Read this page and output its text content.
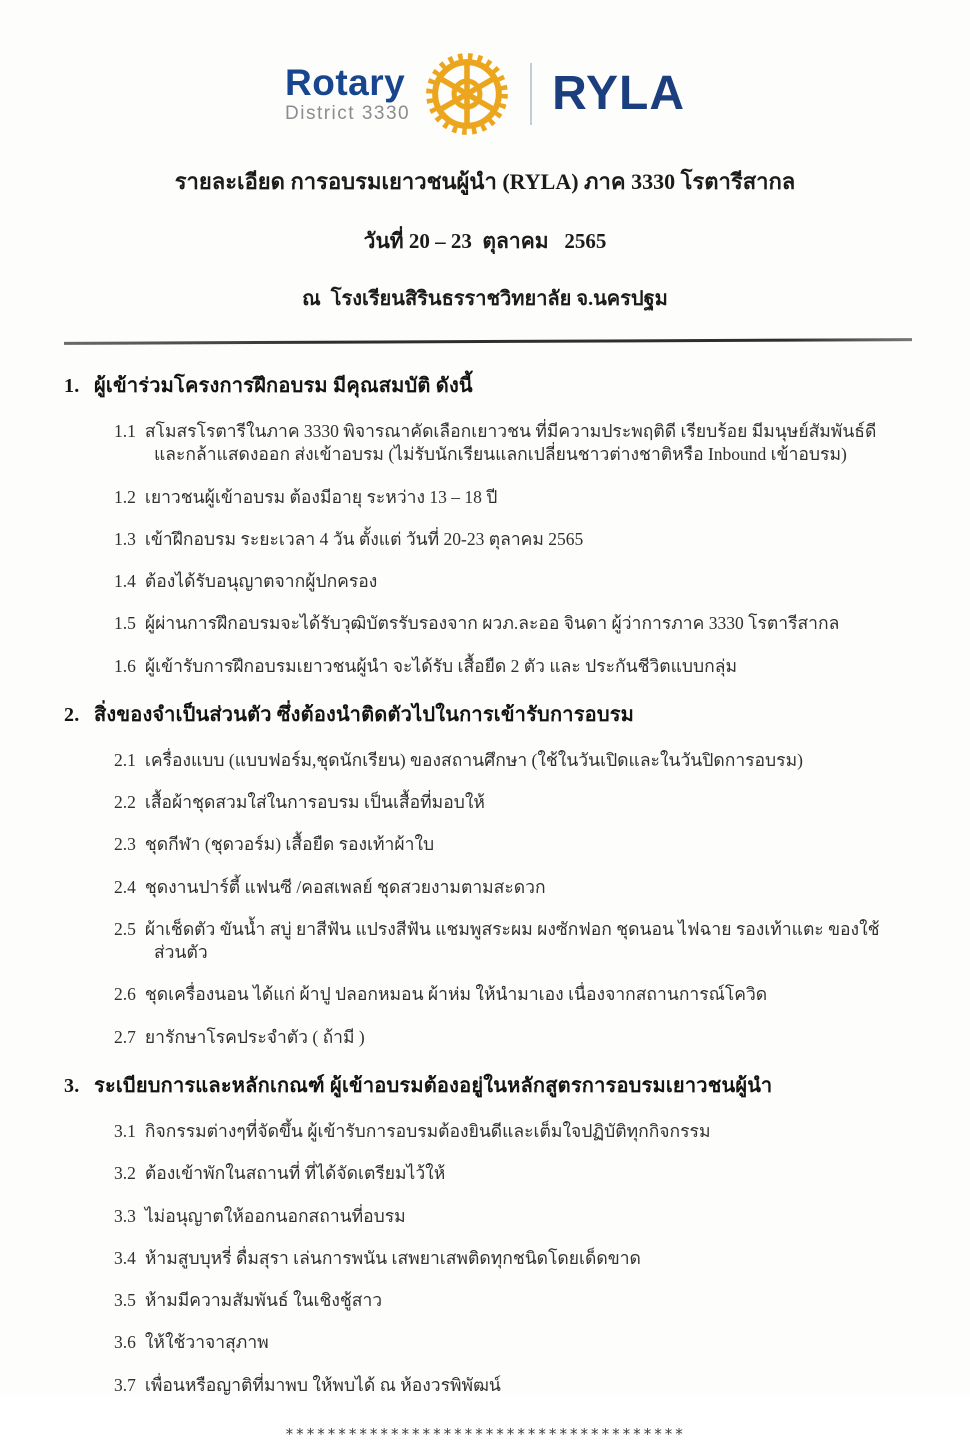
Rotary
District 3330	RYLA
รายละเอียด การอบรมเยาวชนผู้นำ (RYLA) ภาค 3330 โรตารีสากล
วันที่ 20 – 23  ตุลาคม   2565
ณ  โรงเรียนสิรินธรราชวิทยาลัย จ.นครปฐม
1. ผู้เข้าร่วมโครงการฝึกอบรม มีคุณสมบัติ ดังนี้
1.1 สโมสรโรตารีในภาค 3330 พิจารณาคัดเลือกเยาวชน ที่มีความประพฤติดี เรียบร้อย มีมนุษย์สัมพันธ์ดี และกล้าแสดงออก ส่งเข้าอบรม (ไม่รับนักเรียนแลกเปลี่ยนชาวต่างชาติหรือ Inbound เข้าอบรม)
1.2 เยาวชนผู้เข้าอบรม ต้องมีอายุ ระหว่าง 13 – 18 ปี
1.3 เข้าฝึกอบรม ระยะเวลา 4 วัน ตั้งแต่ วันที่ 20-23 ตุลาคม 2565
1.4 ต้องได้รับอนุญาตจากผู้ปกครอง
1.5 ผู้ผ่านการฝึกอบรมจะได้รับวุฒิบัตรรับรองจาก ผวภ.ละออ จินดา ผู้ว่าการภาค 3330 โรตารีสากล
1.6 ผู้เข้ารับการฝึกอบรมเยาวชนผู้นำ จะได้รับ เสื้อยืด 2 ตัว และ ประกันชีวิตแบบกลุ่ม
2. สิ่งของจำเป็นส่วนตัว ซึ่งต้องนำติดตัวไปในการเข้ารับการอบรม
2.1 เครื่องแบบ (แบบฟอร์ม,ชุดนักเรียน) ของสถานศึกษา (ใช้ในวันเปิดและในวันปิดการอบรม)
2.2 เสื้อผ้าชุดสวมใส่ในการอบรม เป็นเสื้อที่มอบให้
2.3 ชุดกีฬา (ชุดวอร์ม) เสื้อยืด รองเท้าผ้าใบ
2.4 ชุดงานปาร์ตี้ แฟนซี /คอสเพลย์ ชุดสวยงามตามสะดวก
2.5 ผ้าเช็ดตัว ขันน้ำ สบู่ ยาสีฟัน แปรงสีฟัน แชมพูสระผม ผงซักฟอก ชุดนอน ไฟฉาย รองเท้าแตะ ของใช้ส่วนตัว
2.6 ชุดเครื่องนอน ได้แก่ ผ้าปู ปลอกหมอน ผ้าห่ม ให้นำมาเอง เนื่องจากสถานการณ์โควิด
2.7 ยารักษาโรคประจำตัว ( ถ้ามี )
3. ระเบียบการและหลักเกณฑ์ ผู้เข้าอบรมต้องอยู่ในหลักสูตรการอบรมเยาวชนผู้นำ
3.1 กิจกรรมต่างๆที่จัดขึ้น ผู้เข้ารับการอบรมต้องยินดีและเต็มใจปฏิบัติทุกกิจกรรม
3.2 ต้องเข้าพักในสถานที่ ที่ได้จัดเตรียมไว้ให้
3.3 ไม่อนุญาตให้ออกนอกสถานที่อบรม
3.4 ห้ามสูบบุหรี่ ดื่มสุรา เล่นการพนัน เสพยาเสพติดทุกชนิดโดยเด็ดขาด
3.5 ห้ามมีความสัมพันธ์ ในเชิงชู้สาว
3.6 ให้ใช้วาจาสุภาพ
3.7 เพื่อนหรือญาติที่มาพบ ให้พบได้ ณ ห้องวรพิพัฒน์
**************************************
